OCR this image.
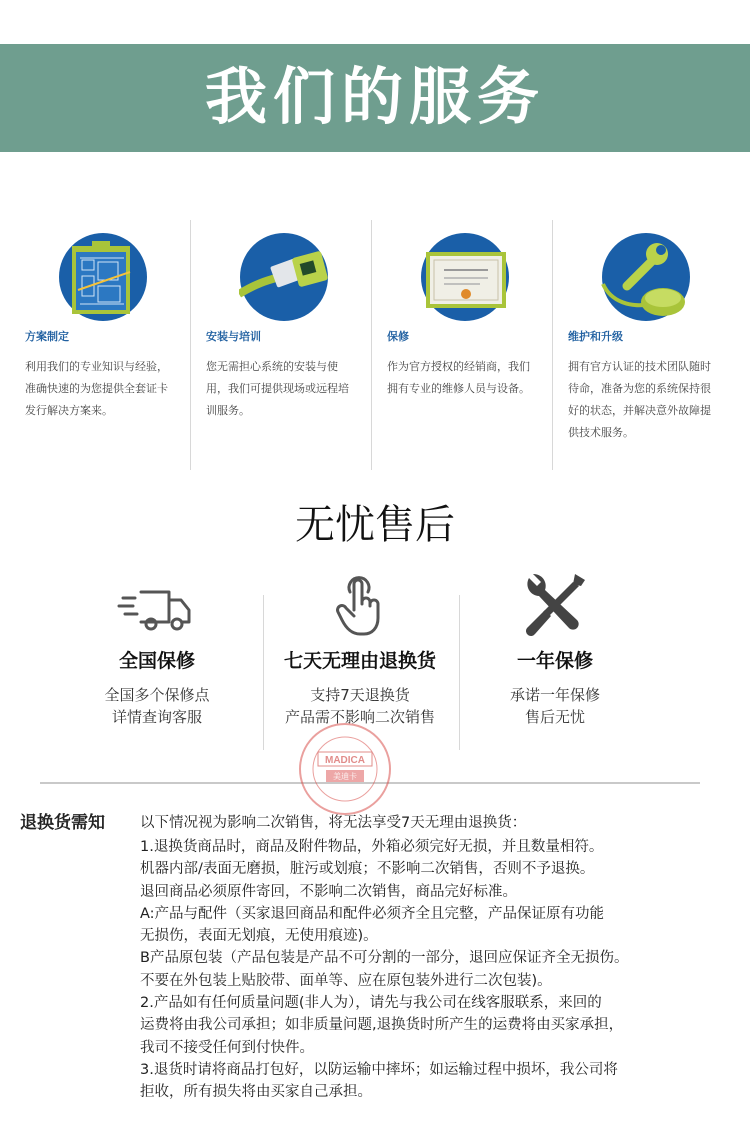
我们的服务
方案制定
利用我们的专业知识与经验，准确快速的为您提供全套证卡发行解决方案来。
安装与培训
您无需担心系统的安装与使用，我们可提供现场或远程培训服务。
保修
作为官方授权的经销商，我们拥有专业的维修人员与设备。
维护和升级
拥有官方认证的技术团队随时待命，准备为您的系统保持很好的状态，并解决意外故障提供技术服务。
无忧售后
全国保修
全国多个保修点
详情查询客服
七天无理由退换货
支持7天退换货
产品需不影响二次销售
一年保修
承诺一年保修
售后无忧
MADICA
美迪卡
退换货需知 以下情况视为影响二次销售，将无法享受7天无理由退换货：
1.退换货商品时，商品及附件物品，外箱必须完好无损，并且数量相符。
机器内部/表面无磨损，脏污或划痕；不影响二次销售，否则不予退换。
退回商品必须原件寄回，不影响二次销售，商品完好标准。
A:产品与配件（买家退回商品和配件必须齐全且完整，产品保证原有功能
无损伤，表面无划痕，无使用痕迹)。
B产品原包装（产品包装是产品不可分割的一部分，退回应保证齐全无损伤。
不要在外包装上贴胶带、面单等、应在原包装外进行二次包装)。
2.产品如有任何质量问题(非人为），请先与我公司在线客服联系，来回的
运费将由我公司承担；如非质量问题,退换货时所产生的运费将由买家承担，
我司不接受任何到付快件。
3.退货时请将商品打包好，以防运输中摔坏；如运输过程中损坏，我公司将
拒收，所有损失将由买家自己承担。
